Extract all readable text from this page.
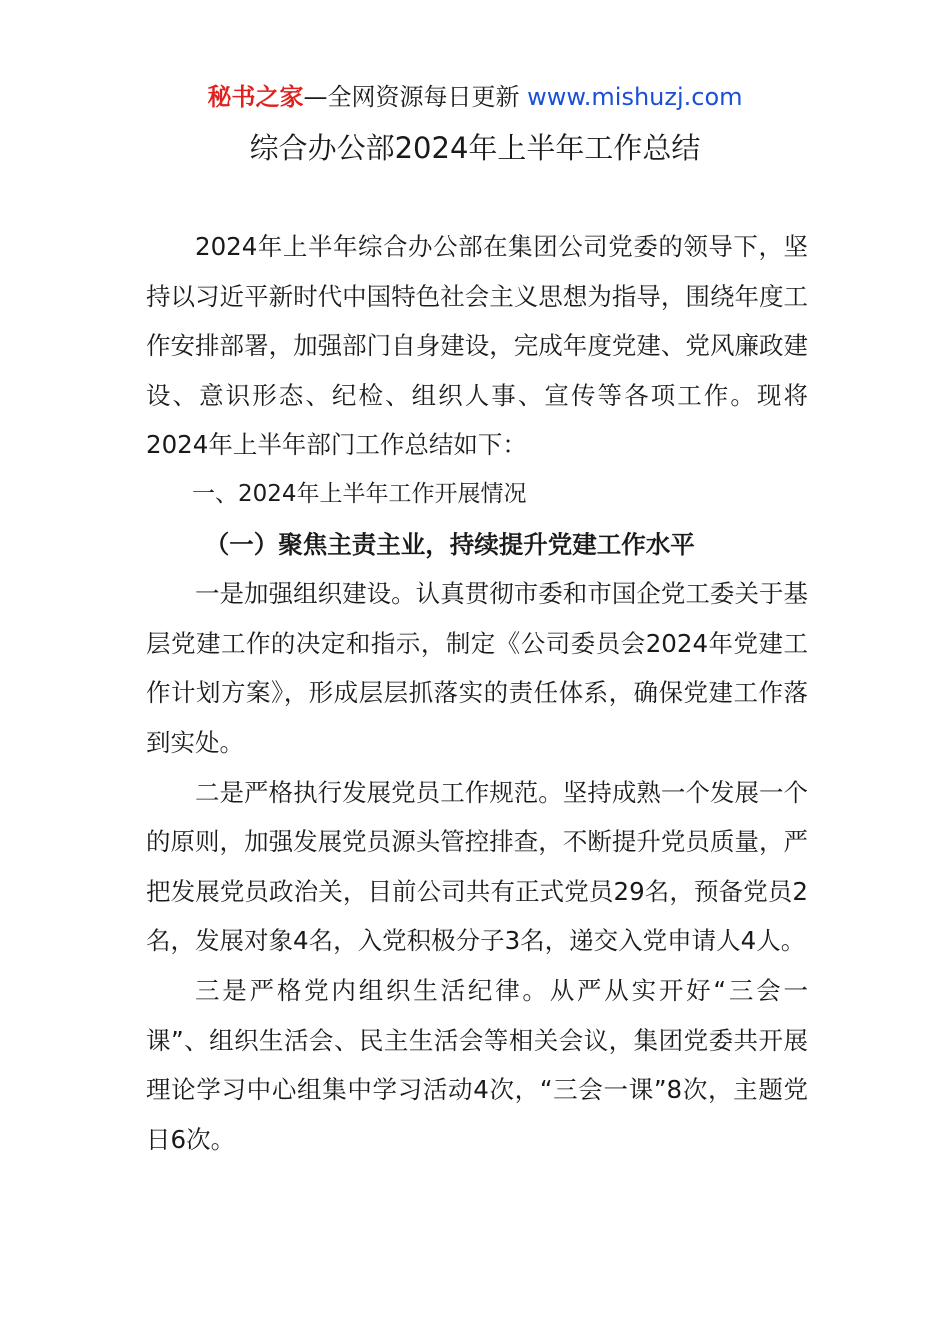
秘书之家—全网资源每日更新 www.mishuzj.com
综合办公部2024年上半年工作总结

2024年上半年综合办公部在集团公司党委的领导下，坚持以习近平新时代中国特色社会主义思想为指导，围绕年度工作安排部署，加强部门自身建设，完成年度党建、党风廉政建设、意识形态、纪检、组织人事、宣传等各项工作。现将2024年上半年部门工作总结如下：

一、2024年上半年工作开展情况

（一）聚焦主责主业，持续提升党建工作水平

一是加强组织建设。认真贯彻市委和市国企党工委关于基层党建工作的决定和指示，制定《公司委员会2024年党建工作计划方案》，形成层层抓落实的责任体系，确保党建工作落到实处。

二是严格执行发展党员工作规范。坚持成熟一个发展一个的原则，加强发展党员源头管控排查，不断提升党员质量，严把发展党员政治关，目前公司共有正式党员29名，预备党员2名，发展对象4名，入党积极分子3名，递交入党申请人4人。

三是严格党内组织生活纪律。从严从实开好“三会一课”、组织生活会、民主生活会等相关会议，集团党委共开展理论学习中心组集中学习活动4次，“三会一课”8次，主题党日6次。
